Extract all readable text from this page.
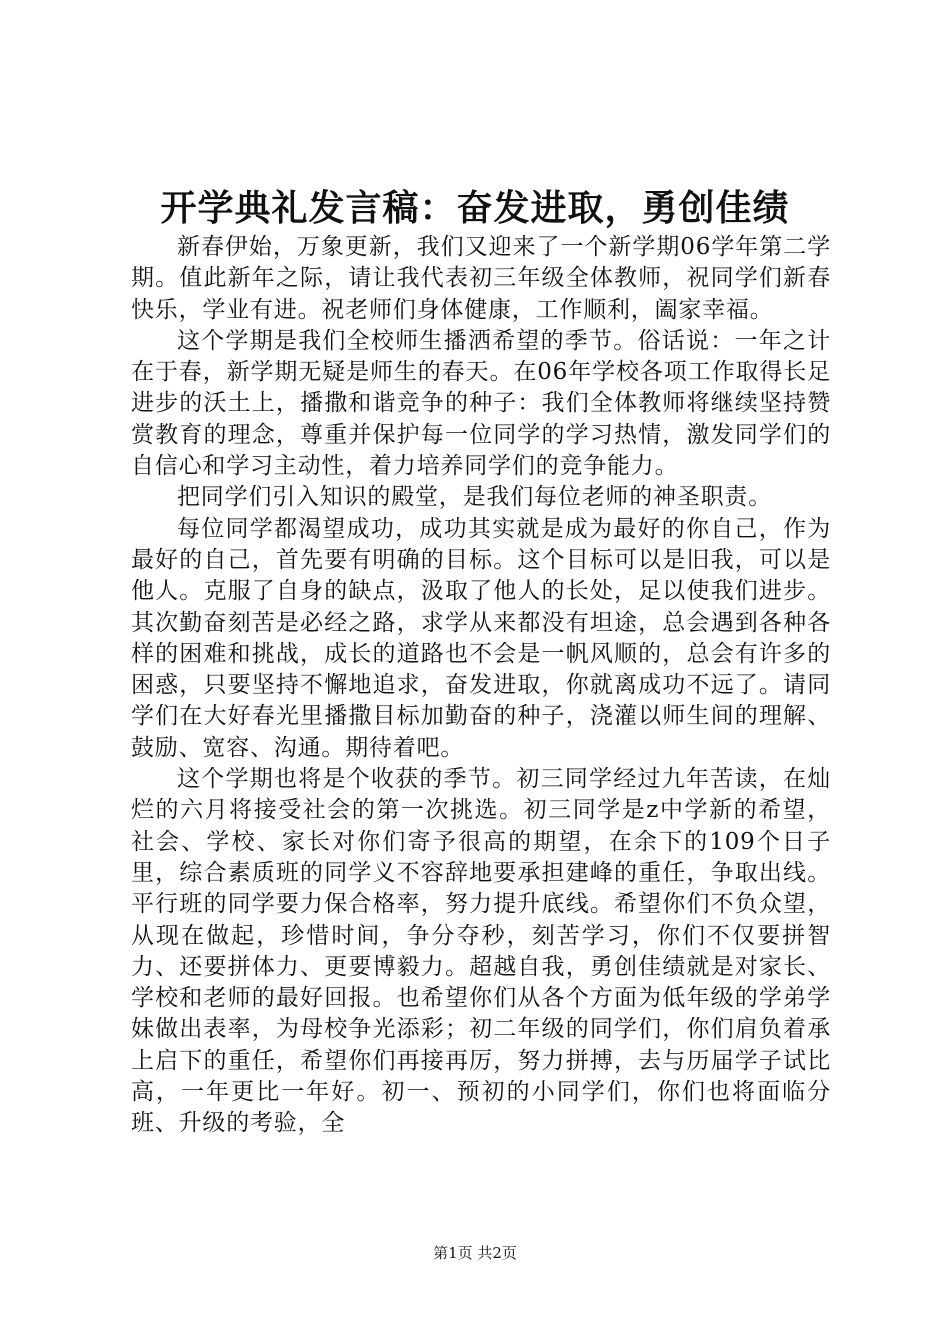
开学典礼发言稿：奋发进取，勇创佳绩

新春伊始，万象更新，我们又迎来了一个新学期06学年第二学期。值此新年之际，请让我代表初三年级全体教师，祝同学们新春快乐，学业有进。祝老师们身体健康，工作顺利，阖家幸福。

这个学期是我们全校师生播洒希望的季节。俗话说：一年之计在于春，新学期无疑是师生的春天。在06年学校各项工作取得长足进步的沃土上，播撒和谐竞争的种子：我们全体教师将继续坚持赞赏教育的理念，尊重并保护每一位同学的学习热情，激发同学们的自信心和学习主动性，着力培养同学们的竞争能力。

把同学们引入知识的殿堂，是我们每位老师的神圣职责。

每位同学都渴望成功，成功其实就是成为最好的你自己，作为最好的自己，首先要有明确的目标。这个目标可以是旧我，可以是他人。克服了自身的缺点，汲取了他人的长处，足以使我们进步。其次勤奋刻苦是必经之路，求学从来都没有坦途，总会遇到各种各样的困难和挑战，成长的道路也不会是一帆风顺的，总会有许多的困惑，只要坚持不懈地追求，奋发进取，你就离成功不远了。请同学们在大好春光里播撒目标加勤奋的种子，浇灌以师生间的理解、鼓励、宽容、沟通。期待着吧。

这个学期也将是个收获的季节。初三同学经过九年苦读，在灿烂的六月将接受社会的第一次挑选。初三同学是z中学新的希望，社会、学校、家长对你们寄予很高的期望，在余下的109个日子里，综合素质班的同学义不容辞地要承担建峰的重任，争取出线。平行班的同学要力保合格率，努力提升底线。希望你们不负众望，从现在做起，珍惜时间，争分夺秒，刻苦学习，你们不仅要拼智力、还要拼体力、更要博毅力。超越自我，勇创佳绩就是对家长、学校和老师的最好回报。也希望你们从各个方面为低年级的学弟学妹做出表率，为母校争光添彩；初二年级的同学们，你们肩负着承上启下的重任，希望你们再接再厉，努力拼搏，去与历届学子试比高，一年更比一年好。初一、预初的小同学们，你们也将面临分班、升级的考验，全

第1页 共2页
